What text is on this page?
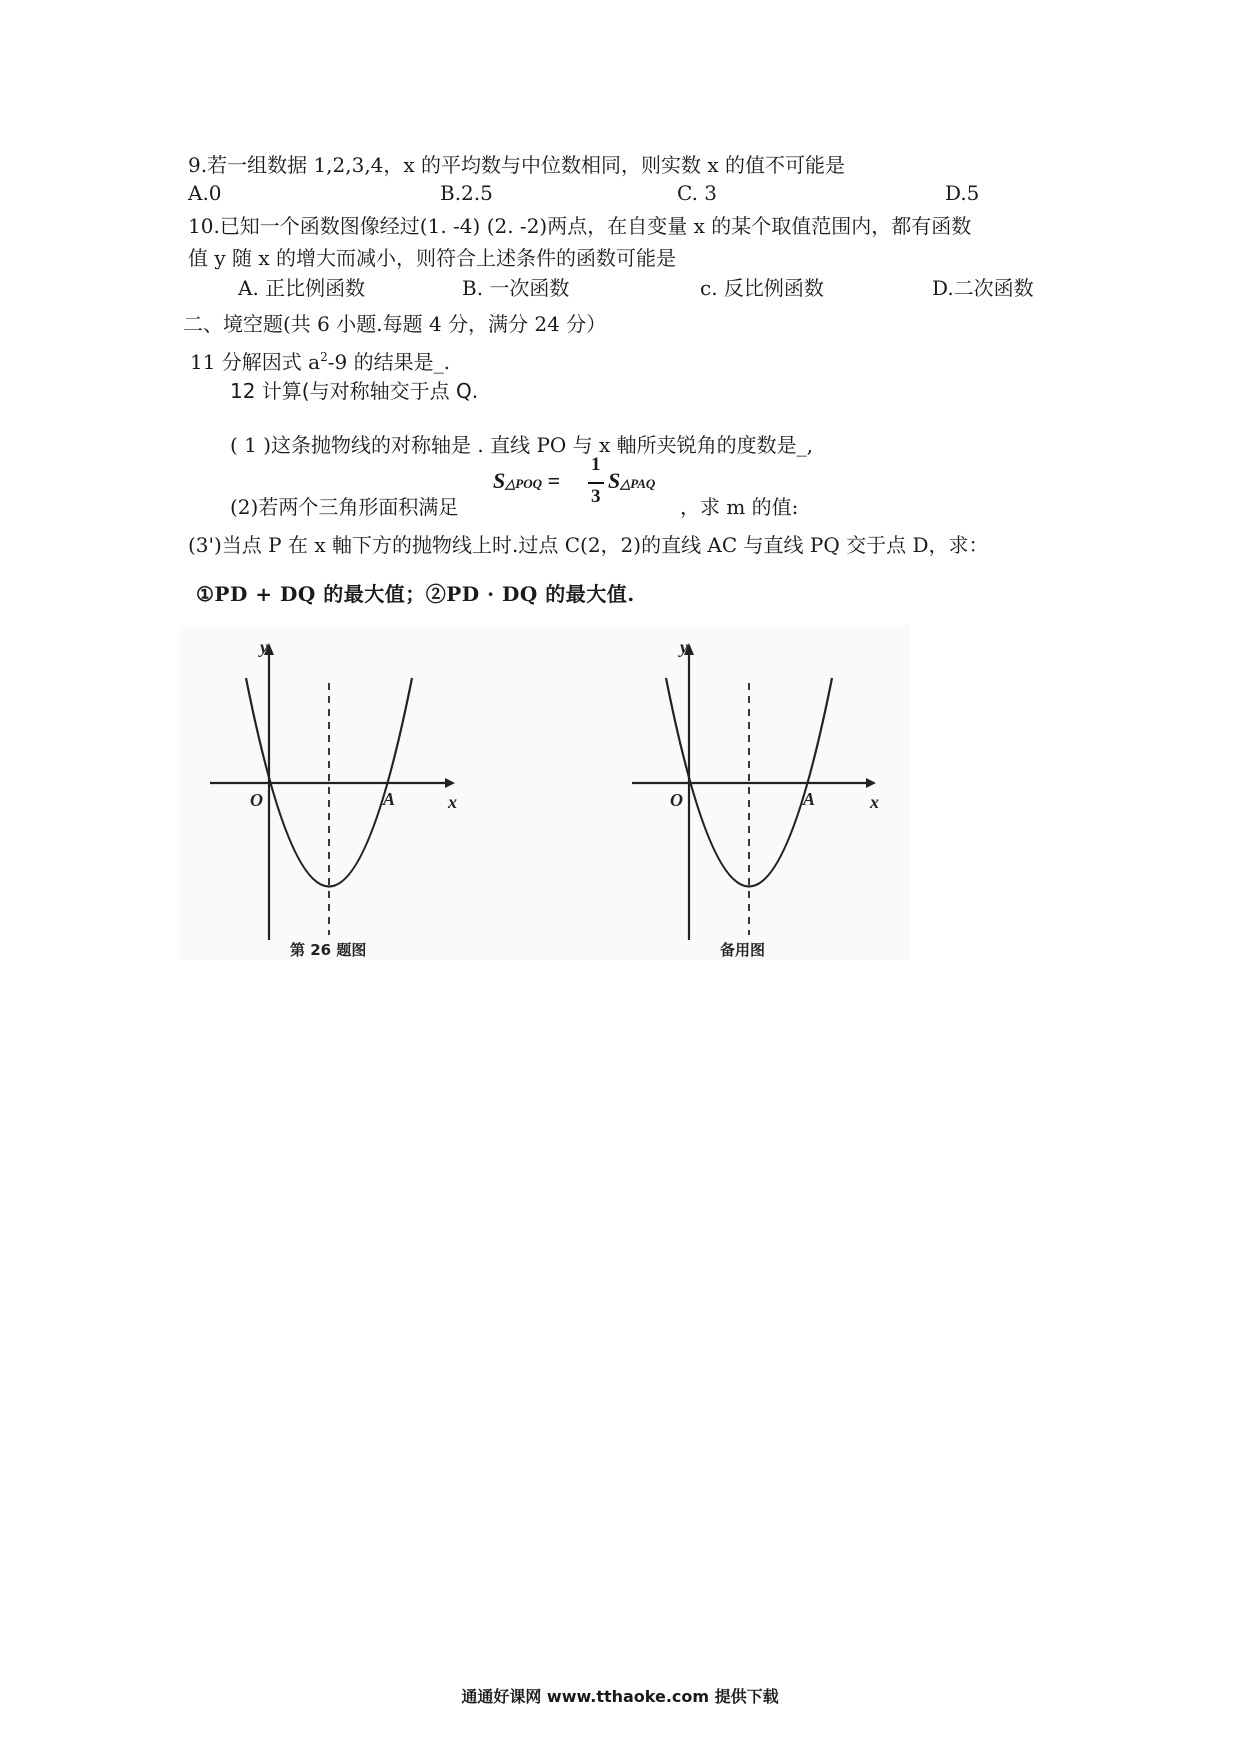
9.若一组数据 1,2,3,4，x 的平均数与中位数相同，则实数 x 的值不可能是
A.0	B.2.5	C. 3	D.5
10.已知一个函数图像经过(1. -4) (2. -2)两点，在自变量 x 的某个取值范围内，都有函数
值 y 随 x 的增大而减小，则符合上述条件的函数可能是
A. 正比例函数	B. 一次函数	c. 反比例函数	D.二次函数
二、境空题(共 6 小题.每题 4 分，满分 24 分）
11 分解因式 $a^2-9$ 的结果是_.
12 计算(与对称轴交于点 Q.
( 1 )这条抛物线的对称轴是 . 直线 PO 与 x 軸所夹锐角的度数是_,
(2)若两个三角形面积满足
S△POQ =
1
3
S△PAQ
，求 m 的值:
(3')当点 P 在 x 軸下方的抛物线上时.过点 C(2，2)的直线 AC 与直线 PQ 交于点 D，求：
①PD + DQ 的最大值；②PD · DQ 的最大值.
y
x
O	A
第 26 题图
y
x
O	A
备用图
通通好课网 www.tthaoke.com 提供下载
